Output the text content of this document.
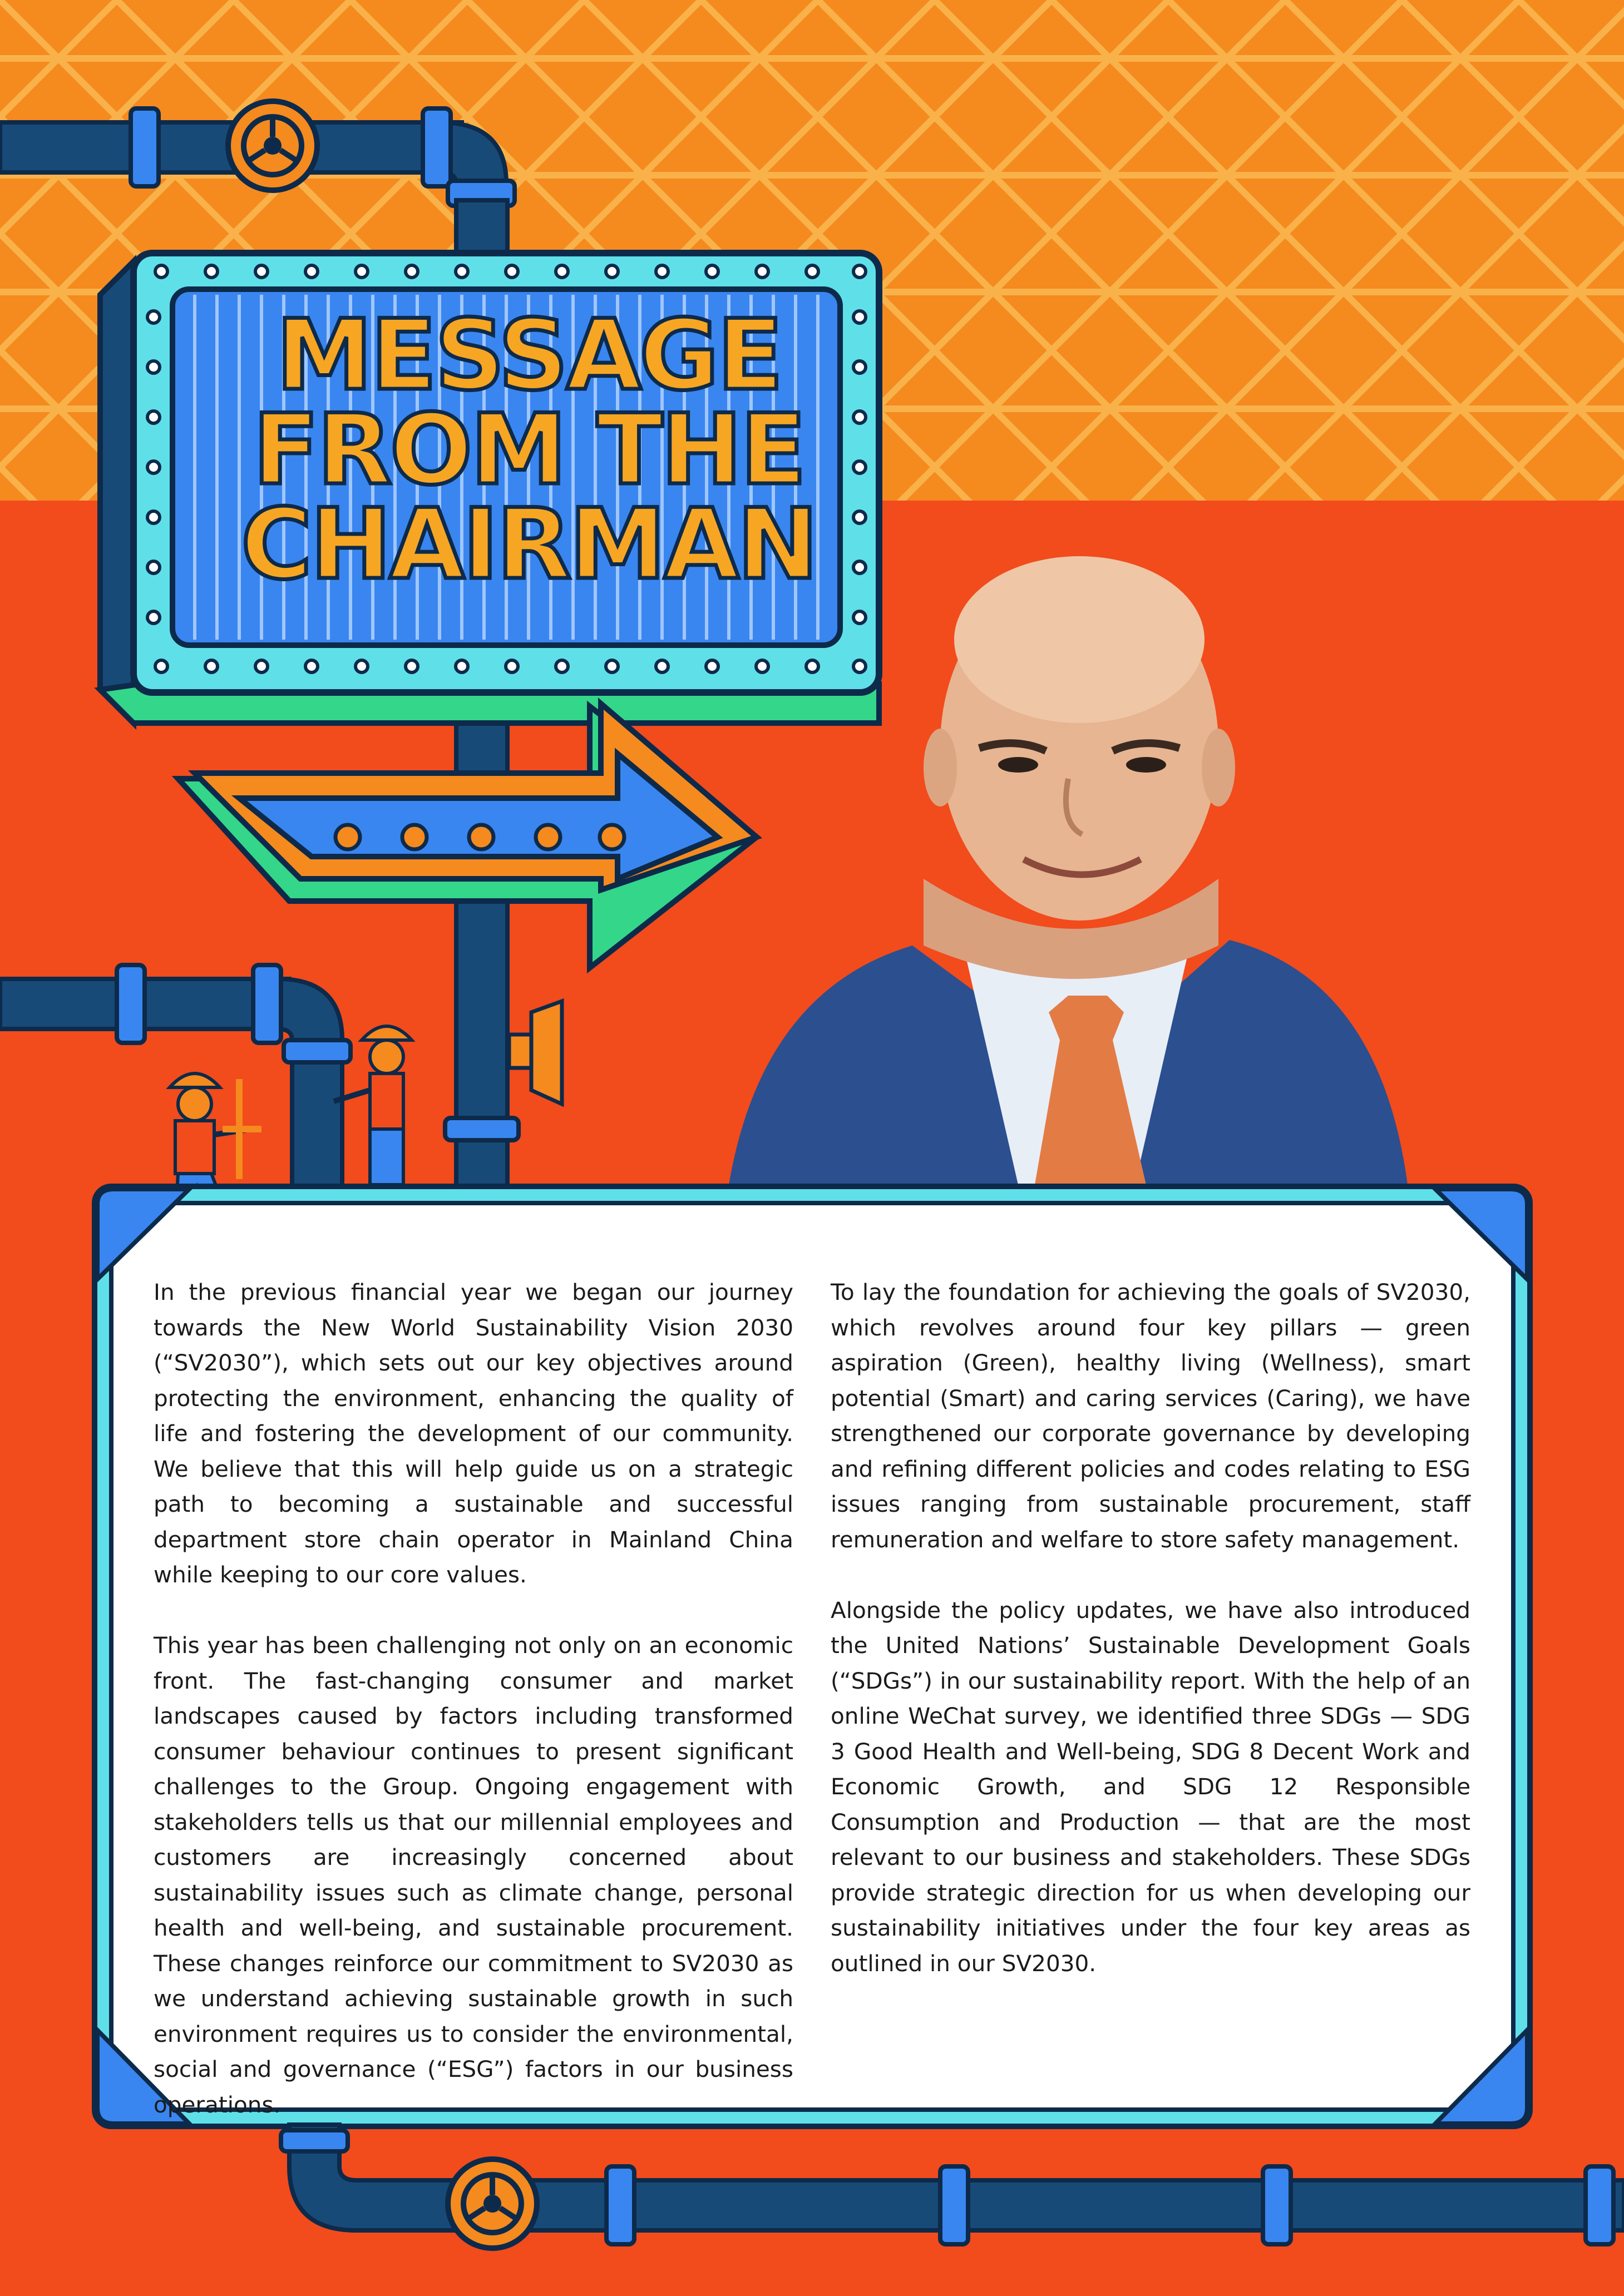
MESSAGE
FROM THE
CHAIRMAN

In the previous financial year we began our journey towards the New World Sustainability Vision 2030 (“SV2030”), which sets out our key objectives around protecting the environment, enhancing the quality of life and fostering the development of our community. We believe that this will help guide us on a strategic path to becoming a sustainable and successful department store chain operator in Mainland China while keeping to our core values.

This year has been challenging not only on an economic front. The fast-changing consumer and market landscapes caused by factors including transformed consumer behaviour continues to present significant challenges to the Group. Ongoing engagement with stakeholders tells us that our millennial employees and customers are increasingly concerned about sustainability issues such as climate change, personal health and well-being, and sustainable procurement. These changes reinforce our commitment to SV2030 as we understand achieving sustainable growth in such environment requires us to consider the environmental, social and governance (“ESG”) factors in our business operations.

To lay the foundation for achieving the goals of SV2030, which revolves around four key pillars — green aspiration (Green), healthy living (Wellness), smart potential (Smart) and caring services (Caring), we have strengthened our corporate governance by developing and refining different policies and codes relating to ESG issues ranging from sustainable procurement, staff remuneration and welfare to store safety management.

Alongside the policy updates, we have also introduced the United Nations’ Sustainable Development Goals (“SDGs”) in our sustainability report. With the help of an online WeChat survey, we identified three SDGs — SDG 3 Good Health and Well-being, SDG 8 Decent Work and Economic Growth, and SDG 12 Responsible Consumption and Production — that are the most relevant to our business and stakeholders. These SDGs provide strategic direction for us when developing our sustainability initiatives under the four key areas as outlined in our SV2030.
